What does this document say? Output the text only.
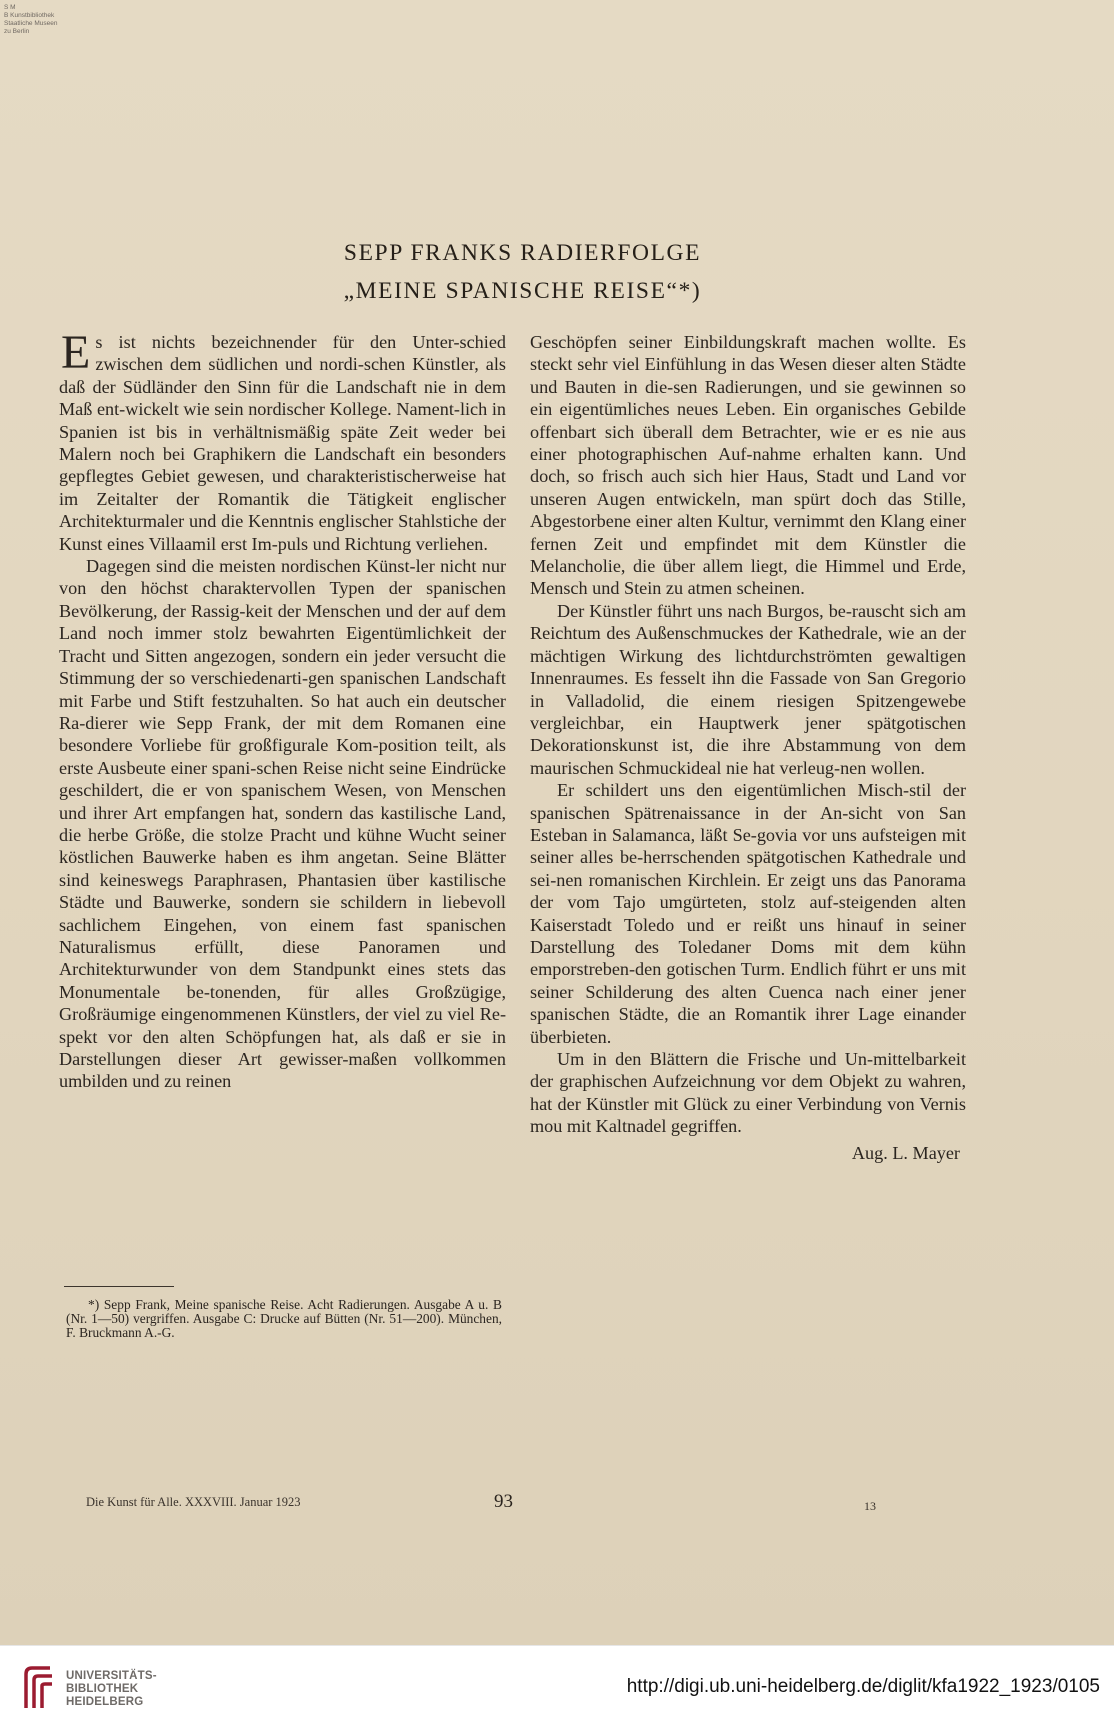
S M
B Kunstbibliothek
Staatliche Museen
zu Berlin
SEPP FRANKS RADIERFOLGE
„MEINE SPANISCHE REISE“*)

Es ist nichts bezeichnender für den Unter-schied zwischen dem südlichen und nordi-schen Künstler, als daß der Südländer den Sinn für die Landschaft nie in dem Maß ent-wickelt wie sein nordischer Kollege. Nament-lich in Spanien ist bis in verhältnismäßig späte Zeit weder bei Malern noch bei Graphikern die Landschaft ein besonders gepflegtes Gebiet gewesen, und charakteristischerweise hat im Zeitalter der Romantik die Tätigkeit englischer Architekturmaler und die Kenntnis englischer Stahlstiche der Kunst eines Villaamil erst Im-puls und Richtung verliehen.

Dagegen sind die meisten nordischen Künst-ler nicht nur von den höchst charaktervollen Typen der spanischen Bevölkerung, der Rassig-keit der Menschen und der auf dem Land noch immer stolz bewahrten Eigentümlichkeit der Tracht und Sitten angezogen, sondern ein jeder versucht die Stimmung der so verschiedenarti-gen spanischen Landschaft mit Farbe und Stift festzuhalten. So hat auch ein deutscher Ra-dierer wie Sepp Frank, der mit dem Romanen eine besondere Vorliebe für großfigurale Kom-position teilt, als erste Ausbeute einer spani-schen Reise nicht seine Eindrücke geschildert, die er von spanischem Wesen, von Menschen und ihrer Art empfangen hat, sondern das kastilische Land, die herbe Größe, die stolze Pracht und kühne Wucht seiner köstlichen Bauwerke haben es ihm angetan. Seine Blätter sind keineswegs Paraphrasen, Phantasien über kastilische Städte und Bauwerke, sondern sie schildern in liebevoll sachlichem Eingehen, von einem fast spanischen Naturalismus erfüllt, diese Panoramen und Architekturwunder von dem Standpunkt eines stets das Monumentale be-tonenden, für alles Großzügige, Großräumige eingenommenen Künstlers, der viel zu viel Re-spekt vor den alten Schöpfungen hat, als daß er sie in Darstellungen dieser Art gewisser-maßen vollkommen umbilden und zu reinen

Geschöpfen seiner Einbildungskraft machen wollte. Es steckt sehr viel Einfühlung in das Wesen dieser alten Städte und Bauten in die-sen Radierungen, und sie gewinnen so ein eigentümliches neues Leben. Ein organisches Gebilde offenbart sich überall dem Betrachter, wie er es nie aus einer photographischen Auf-nahme erhalten kann. Und doch, so frisch auch sich hier Haus, Stadt und Land vor unseren Augen entwickeln, man spürt doch das Stille, Abgestorbene einer alten Kultur, vernimmt den Klang einer fernen Zeit und empfindet mit dem Künstler die Melancholie, die über allem liegt, die Himmel und Erde, Mensch und Stein zu atmen scheinen.

Der Künstler führt uns nach Burgos, be-rauscht sich am Reichtum des Außenschmuckes der Kathedrale, wie an der mächtigen Wirkung des lichtdurchströmten gewaltigen Innenraumes. Es fesselt ihn die Fassade von San Gregorio in Valladolid, die einem riesigen Spitzengewebe vergleichbar, ein Hauptwerk jener spätgotischen Dekorationskunst ist, die ihre Abstammung von dem maurischen Schmuckideal nie hat verleug-nen wollen.

Er schildert uns den eigentümlichen Misch-stil der spanischen Spätrenaissance in der An-sicht von San Esteban in Salamanca, läßt Se-govia vor uns aufsteigen mit seiner alles be-herrschenden spätgotischen Kathedrale und sei-nen romanischen Kirchlein. Er zeigt uns das Panorama der vom Tajo umgürteten, stolz auf-steigenden alten Kaiserstadt Toledo und er reißt uns hinauf in seiner Darstellung des Toledaner Doms mit dem kühn emporstreben-den gotischen Turm. Endlich führt er uns mit seiner Schilderung des alten Cuenca nach einer jener spanischen Städte, die an Romantik ihrer Lage einander überbieten.

Um in den Blättern die Frische und Un-mittelbarkeit der graphischen Aufzeichnung vor dem Objekt zu wahren, hat der Künstler mit Glück zu einer Verbindung von Vernis mou mit Kaltnadel gegriffen.

Aug. L. Mayer

*) Sepp Frank, Meine spanische Reise. Acht Radierungen. Ausgabe A u. B (Nr. 1—50) vergriffen. Ausgabe C: Drucke auf Bütten (Nr. 51—200). München, F. Bruckmann A.-G.
Die Kunst für Alle. XXXVIII. Januar 1923	93	13
UNIVERSITÄTS-
BIBLIOTHEK
HEIDELBERG
http://digi.ub.uni-heidelberg.de/diglit/kfa1922_1923/0105
